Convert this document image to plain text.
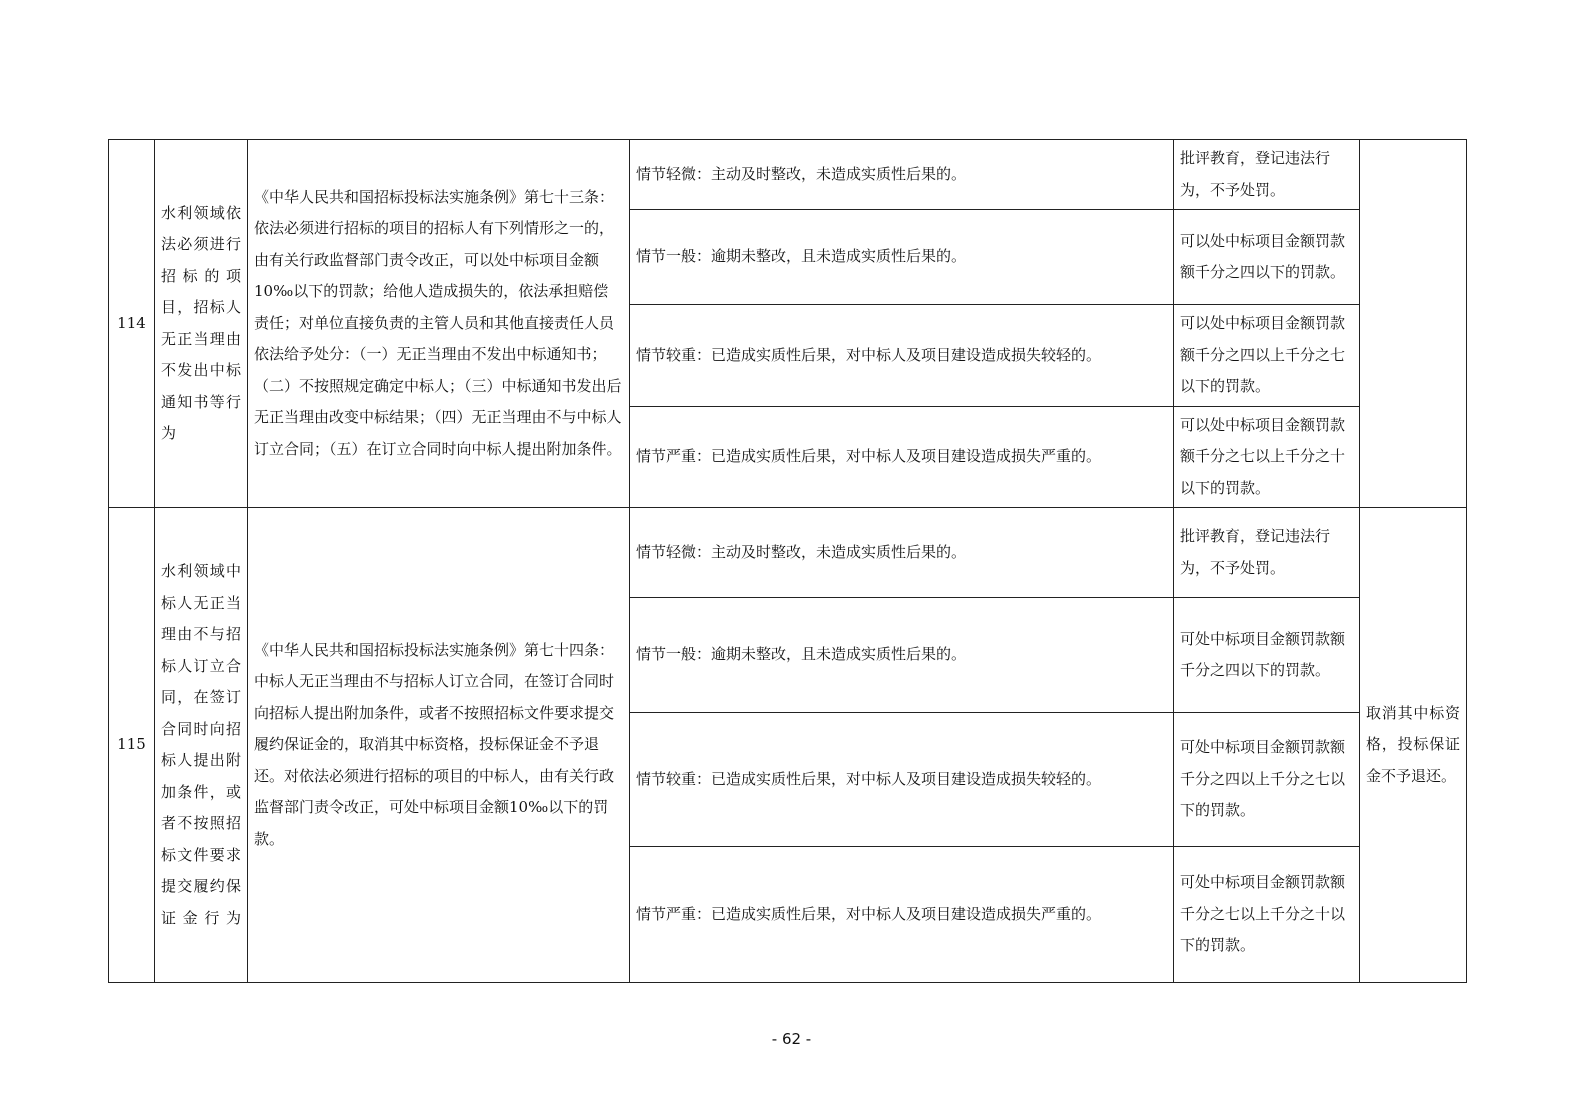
114	水利领域依法必须进行招标的项目，招标人无正当理由不发出中标通知书等行为	《中华人民共和国招标投标法实施条例》第七十三条：依法必须进行招标的项目的招标人有下列情形之一的，由有关行政监督部门责令改正，可以处中标项目金额10‰以下的罚款；给他人造成损失的，依法承担赔偿责任；对单位直接负责的主管人员和其他直接责任人员依法给予处分：（一）无正当理由不发出中标通知书；（二）不按照规定确定中标人；（三）中标通知书发出后无正当理由改变中标结果；（四）无正当理由不与中标人订立合同；（五）在订立合同时向中标人提出附加条件。	情节轻微：主动及时整改，未造成实质性后果的。	批评教育，登记违法行为，不予处罚。	
			情节一般：逾期未整改，且未造成实质性后果的。	可以处中标项目金额罚款额千分之四以下的罚款。	
			情节较重：已造成实质性后果，对中标人及项目建设造成损失较轻的。	可以处中标项目金额罚款额千分之四以上千分之七以下的罚款。	
			情节严重：已造成实质性后果，对中标人及项目建设造成损失严重的。	可以处中标项目金额罚款额千分之七以上千分之十以下的罚款。	
115	水利领域中标人无正当理由不与招标人订立合同，在签订合同时向招标人提出附加条件，或者不按照招标文件要求提交履约保证金行为	《中华人民共和国招标投标法实施条例》第七十四条：中标人无正当理由不与招标人订立合同，在签订合同时向招标人提出附加条件，或者不按照招标文件要求提交履约保证金的，取消其中标资格，投标保证金不予退还。对依法必须进行招标的项目的中标人，由有关行政监督部门责令改正，可处中标项目金额10‰以下的罚款。	情节轻微：主动及时整改，未造成实质性后果的。	批评教育，登记违法行为，不予处罚。	取消其中标资格，投标保证金不予退还。
			情节一般：逾期未整改，且未造成实质性后果的。	可处中标项目金额罚款额千分之四以下的罚款。	
			情节较重：已造成实质性后果，对中标人及项目建设造成损失较轻的。	可处中标项目金额罚款额千分之四以上千分之七以下的罚款。	
			情节严重：已造成实质性后果，对中标人及项目建设造成损失严重的。	可处中标项目金额罚款额千分之七以上千分之十以下的罚款。	
- 62 -
